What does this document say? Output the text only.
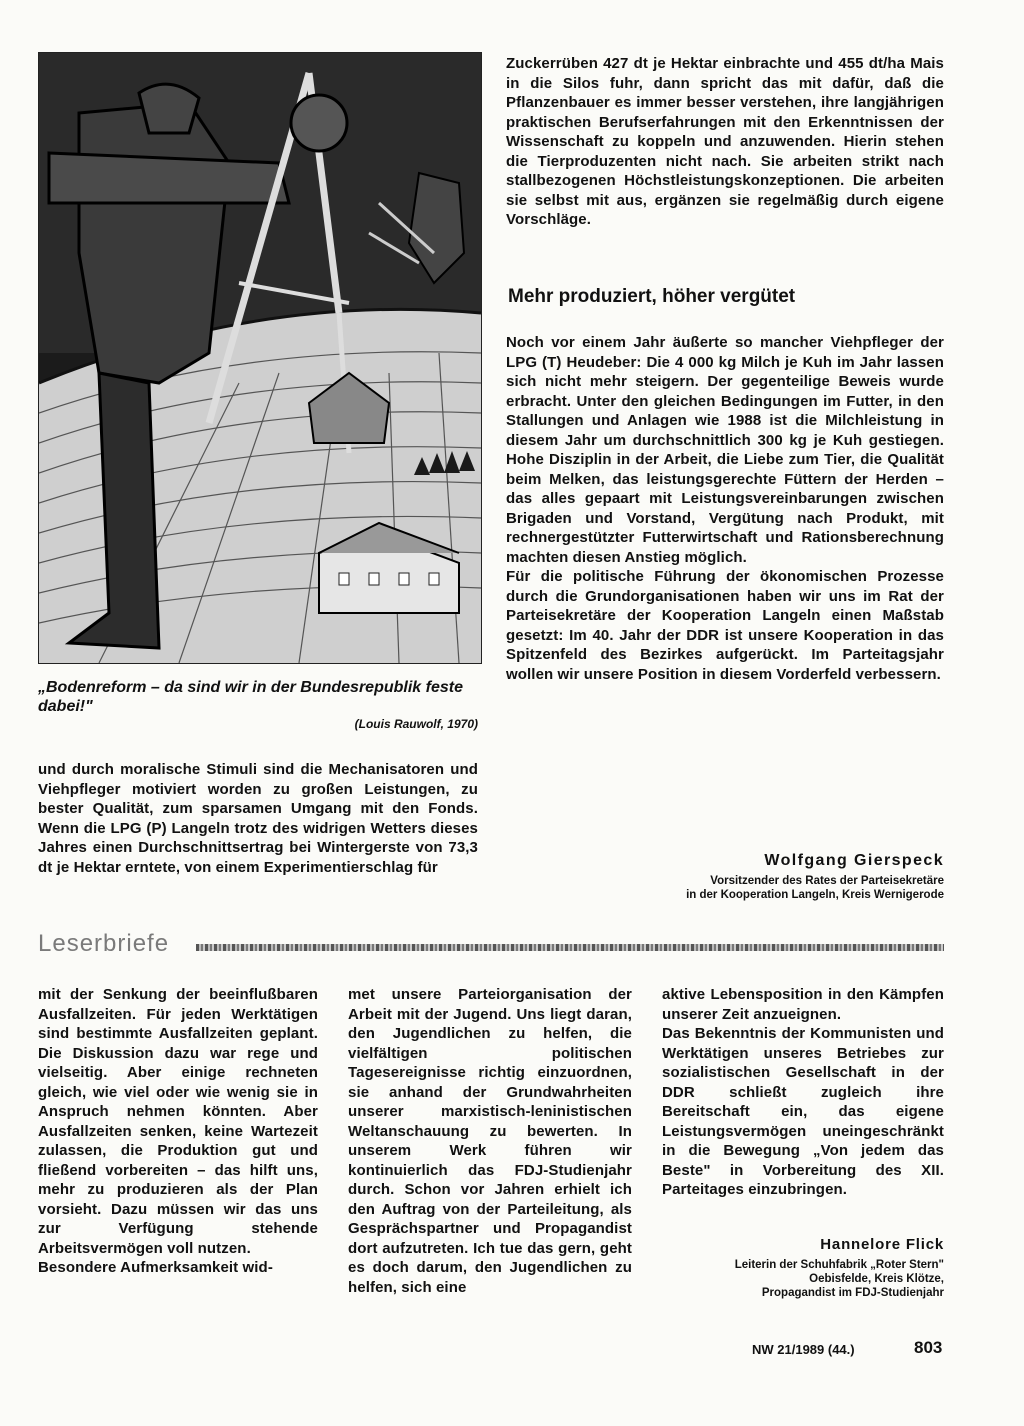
„Bodenreform – da sind wir in der Bundesrepublik feste dabei!"
(Louis Rauwolf, 1970)

und durch moralische Stimuli sind die Mechanisatoren und Viehpfleger motiviert worden zu großen Leistungen, zu bester Qualität, zum sparsamen Umgang mit den Fonds. Wenn die LPG (P) Langeln trotz des widrigen Wetters dieses Jahres einen Durchschnittsertrag bei Wintergerste von 73,3 dt je Hektar erntete, von einem Experimentierschlag für

Zuckerrüben 427 dt je Hektar einbrachte und 455 dt/ha Mais in die Silos fuhr, dann spricht das mit dafür, daß die Pflanzenbauer es immer besser verstehen, ihre langjährigen praktischen Berufserfahrungen mit den Erkenntnissen der Wissenschaft zu koppeln und anzuwenden. Hierin stehen die Tierproduzenten nicht nach. Sie arbeiten strikt nach stallbezogenen Höchstleistungskonzeptionen. Die arbeiten sie selbst mit aus, ergänzen sie regelmäßig durch eigene Vorschläge.

Mehr produziert, höher vergütet

Noch vor einem Jahr äußerte so mancher Viehpfleger der LPG (T) Heudeber: Die 4 000 kg Milch je Kuh im Jahr lassen sich nicht mehr steigern. Der gegenteilige Beweis wurde erbracht. Unter den gleichen Bedingungen im Futter, in den Stallungen und Anlagen wie 1988 ist die Milchleistung in diesem Jahr um durchschnittlich 300 kg je Kuh gestiegen. Hohe Disziplin in der Arbeit, die Liebe zum Tier, die Qualität beim Melken, das leistungsgerechte Füttern der Herden – das alles gepaart mit Leistungsvereinbarungen zwischen Brigaden und Vorstand, Vergütung nach Produkt, mit rechnergestützter Futterwirtschaft und Rationsberechnung machten diesen Anstieg möglich.

Für die politische Führung der ökonomischen Prozesse durch die Grundorganisationen haben wir uns im Rat der Parteisekretäre der Kooperation Langeln einen Maßstab gesetzt: Im 40. Jahr der DDR ist unsere Kooperation in das Spitzenfeld des Bezirkes aufgerückt. Im Parteitagsjahr wollen wir unsere Position in diesem Vorderfeld verbessern.

Wolfgang Gierspeck
Vorsitzender des Rates der Parteisekretäre
in der Kooperation Langeln, Kreis Wernigerode
Leserbriefe

mit der Senkung der beeinflußbaren Ausfallzeiten. Für jeden Werktätigen sind bestimmte Ausfallzeiten geplant. Die Diskussion dazu war rege und vielseitig. Aber einige rechneten gleich, wie viel oder wie wenig sie in Anspruch nehmen könnten. Aber Ausfallzeiten senken, keine Wartezeit zulassen, die Produktion gut und fließend vorbereiten – das hilft uns, mehr zu produzieren als der Plan vorsieht. Dazu müssen wir das uns zur Verfügung stehende Arbeitsvermögen voll nutzen.

Besondere Aufmerksamkeit wid-

met unsere Parteiorganisation der Arbeit mit der Jugend. Uns liegt daran, den Jugendlichen zu helfen, die vielfältigen politischen Tagesereignisse richtig einzuordnen, sie anhand der Grundwahrheiten unserer marxistisch-leninistischen Weltanschauung zu bewerten. In unserem Werk führen wir kontinuierlich das FDJ-Studienjahr durch. Schon vor Jahren erhielt ich den Auftrag von der Parteileitung, als Gesprächspartner und Propagandist dort aufzutreten. Ich tue das gern, geht es doch darum, den Jugendlichen zu helfen, sich eine

aktive Lebensposition in den Kämpfen unserer Zeit anzueignen.

Das Bekenntnis der Kommunisten und Werktätigen unseres Betriebes zur sozialistischen Gesellschaft in der DDR schließt zugleich ihre Bereitschaft ein, das eigene Leistungsvermögen uneingeschränkt in die Bewegung „Von jedem das Beste" in Vorbereitung des XII. Parteitages einzubringen.

Hannelore Flick
Leiterin der Schuhfabrik „Roter Stern"
Oebisfelde, Kreis Klötze,
Propagandist im FDJ-Studienjahr
NW 21/1989 (44.)	803
